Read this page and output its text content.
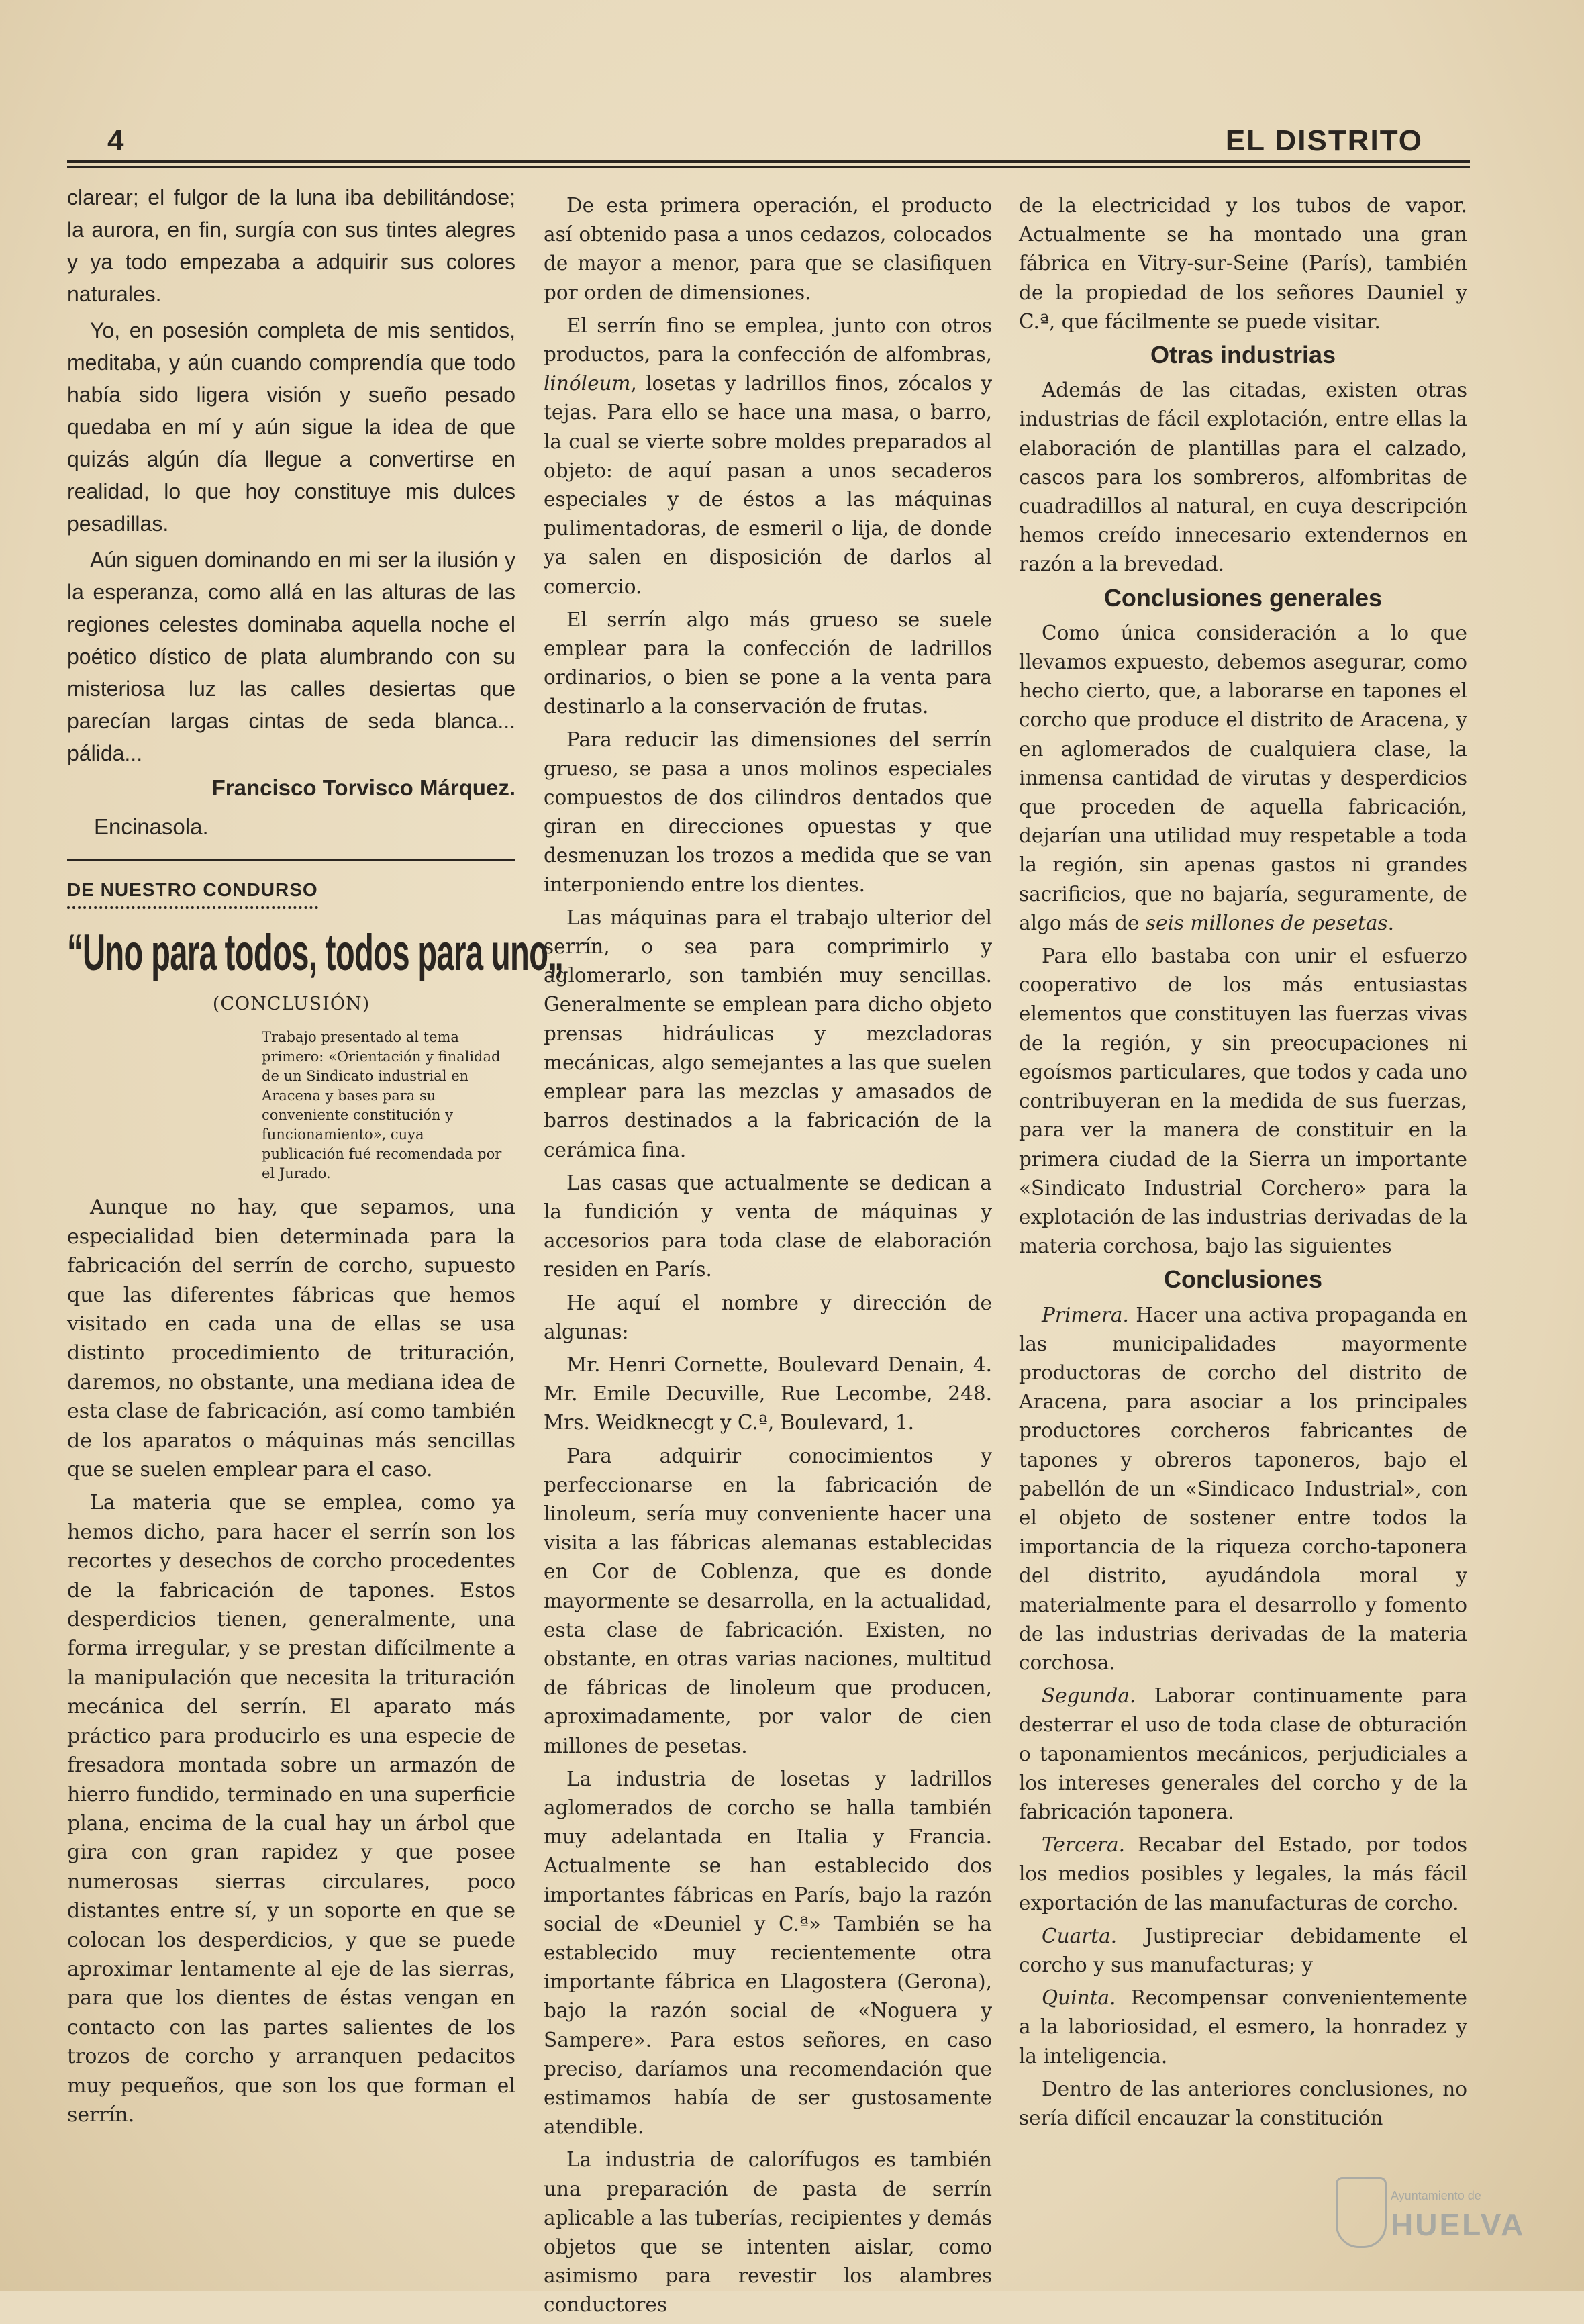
4	EL DISTRITO

clarear; el fulgor de la luna iba debilitándose; la aurora, en fin, surgía con sus tintes alegres y ya todo empezaba a adquirir sus colores naturales.

Yo, en posesión completa de mis sentidos, meditaba, y aún cuando comprendía que todo había sido ligera visión y sueño pesado quedaba en mí y aún sigue la idea de que quizás algún día llegue a convertirse en realidad, lo que hoy constituye mis dulces pesadillas.

Aún siguen dominando en mi ser la ilusión y la esperanza, como allá en las alturas de las regiones celestes dominaba aquella noche el poético dístico de plata alumbrando con su misteriosa luz las calles desiertas que parecían largas cintas de seda blanca... pálida...

Francisco Torvisco Márquez.
Encinasola.
DE NUESTRO CONDURSO
“Uno para todos, todos para uno„
(CONCLUSIÓN)
Trabajo presentado al tema primero: «Orientación y finalidad de un Sindicato industrial en Aracena y bases para su conveniente constitución y funcionamiento», cuya publicación fué recomendada por el Jurado.

Aunque no hay, que sepamos, una especialidad bien determinada para la fabricación del serrín de corcho, supuesto que las diferentes fábricas que hemos visitado en cada una de ellas se usa distinto procedimiento de trituración, daremos, no obstante, una mediana idea de esta clase de fabricación, así como también de los aparatos o máquinas más sencillas que se suelen emplear para el caso.

La materia que se emplea, como ya hemos dicho, para hacer el serrín son los recortes y desechos de corcho procedentes de la fabricación de tapones. Estos desperdicios tienen, generalmente, una forma irregular, y se prestan difícilmente a la manipulación que necesita la trituración mecánica del serrín. El aparato más práctico para producirlo es una especie de fresadora montada sobre un armazón de hierro fundido, terminado en una superficie plana, encima de la cual hay un árbol que gira con gran rapidez y que posee numerosas sierras circulares, poco distantes entre sí, y un soporte en que se colocan los desperdicios, y que se puede aproximar lentamente al eje de las sierras, para que los dientes de éstas vengan en contacto con las partes salientes de los trozos de corcho y arranquen pedacitos muy pequeños, que son los que forman el serrín.

De esta primera operación, el producto así obtenido pasa a unos cedazos, colocados de mayor a menor, para que se clasifiquen por orden de dimensiones.

El serrín fino se emplea, junto con otros productos, para la confección de alfombras, linóleum, losetas y ladrillos finos, zócalos y tejas. Para ello se hace una masa, o barro, la cual se vierte sobre moldes preparados al objeto: de aquí pasan a unos secaderos especiales y de éstos a las máquinas pulimentadoras, de esmeril o lija, de donde ya salen en disposición de darlos al comercio.

El serrín algo más grueso se suele emplear para la confección de ladrillos ordinarios, o bien se pone a la venta para destinarlo a la conservación de frutas.

Para reducir las dimensiones del serrín grueso, se pasa a unos molinos especiales compuestos de dos cilindros dentados que giran en direcciones opuestas y que desmenuzan los trozos a medida que se van interponiendo entre los dientes.

Las máquinas para el trabajo ulterior del serrín, o sea para comprimirlo y aglomerarlo, son también muy sencillas. Generalmente se emplean para dicho objeto prensas hidráulicas y mezcladoras mecánicas, algo semejantes a las que suelen emplear para las mezclas y amasados de barros destinados a la fabricación de la cerámica fina.

Las casas que actualmente se dedican a la fundición y venta de máquinas y accesorios para toda clase de elaboración residen en París.

He aquí el nombre y dirección de algunas:

Mr. Henri Cornette, Boulevard Denain, 4. Mr. Emile Decuville, Rue Lecombe, 248. Mrs. Weidknecgt y C.ª, Boulevard, 1.

Para adquirir conocimientos y perfeccionarse en la fabricación de linoleum, sería muy conveniente hacer una visita a las fábricas alemanas establecidas en Cor de Coblenza, que es donde mayormente se desarrolla, en la actualidad, esta clase de fabricación. Existen, no obstante, en otras varias naciones, multitud de fábricas de linoleum que producen, aproximadamente, por valor de cien millones de pesetas.

La industria de losetas y ladrillos aglomerados de corcho se halla también muy adelantada en Italia y Francia. Actualmente se han establecido dos importantes fábricas en París, bajo la razón social de «Deuniel y C.ª» También se ha establecido muy recientemente otra importante fábrica en Llagostera (Gerona), bajo la razón social de «Noguera y Sampere». Para estos señores, en caso preciso, daríamos una recomendación que estimamos había de ser gustosamente atendible.

La industria de calorífugos es también una preparación de pasta de serrín aplicable a las tuberías, recipientes y demás objetos que se intenten aislar, como asimismo para revestir los alambres conductores

de la electricidad y los tubos de vapor. Actualmente se ha montado una gran fábrica en Vitry-sur-Seine (París), también de la propiedad de los señores Dauniel y C.ª, que fácilmente se puede visitar.

Otras industrias

Además de las citadas, existen otras industrias de fácil explotación, entre ellas la elaboración de plantillas para el calzado, cascos para los sombreros, alfombritas de cuadradillos al natural, en cuya descripción hemos creído innecesario extendernos en razón a la brevedad.

Conclusiones generales

Como única consideración a lo que llevamos expuesto, debemos asegurar, como hecho cierto, que, a laborarse en tapones el corcho que produce el distrito de Aracena, y en aglomerados de cualquiera clase, la inmensa cantidad de virutas y desperdicios que proceden de aquella fabricación, dejarían una utilidad muy respetable a toda la región, sin apenas gastos ni grandes sacrificios, que no bajaría, seguramente, de algo más de seis millones de pesetas.

Para ello bastaba con unir el esfuerzo cooperativo de los más entusiastas elementos que constituyen las fuerzas vivas de la región, y sin preocupaciones ni egoísmos particulares, que todos y cada uno contribuyeran en la medida de sus fuerzas, para ver la manera de constituir en la primera ciudad de la Sierra un importante «Sindicato Industrial Corchero» para la explotación de las industrias derivadas de la materia corchosa, bajo las siguientes

Conclusiones

Primera. Hacer una activa propaganda en las municipalidades mayormente productoras de corcho del distrito de Aracena, para asociar a los principales productores corcheros fabricantes de tapones y obreros taponeros, bajo el pabellón de un «Sindicaco Industrial», con el objeto de sostener entre todos la importancia de la riqueza corcho-taponera del distrito, ayudándola moral y materialmente para el desarrollo y fomento de las industrias derivadas de la materia corchosa.

Segunda. Laborar continuamente para desterrar el uso de toda clase de obturación o taponamientos mecánicos, perjudiciales a los intereses generales del corcho y de la fabricación taponera.

Tercera. Recabar del Estado, por todos los medios posibles y legales, la más fácil exportación de las manufacturas de corcho.

Cuarta. Justipreciar debidamente el corcho y sus manufacturas; y

Quinta. Recompensar convenientemente a la laboriosidad, el esmero, la honradez y la inteligencia.

Dentro de las anteriores conclusiones, no sería difícil encauzar la constitución

Ayuntamiento de
HUELVA
